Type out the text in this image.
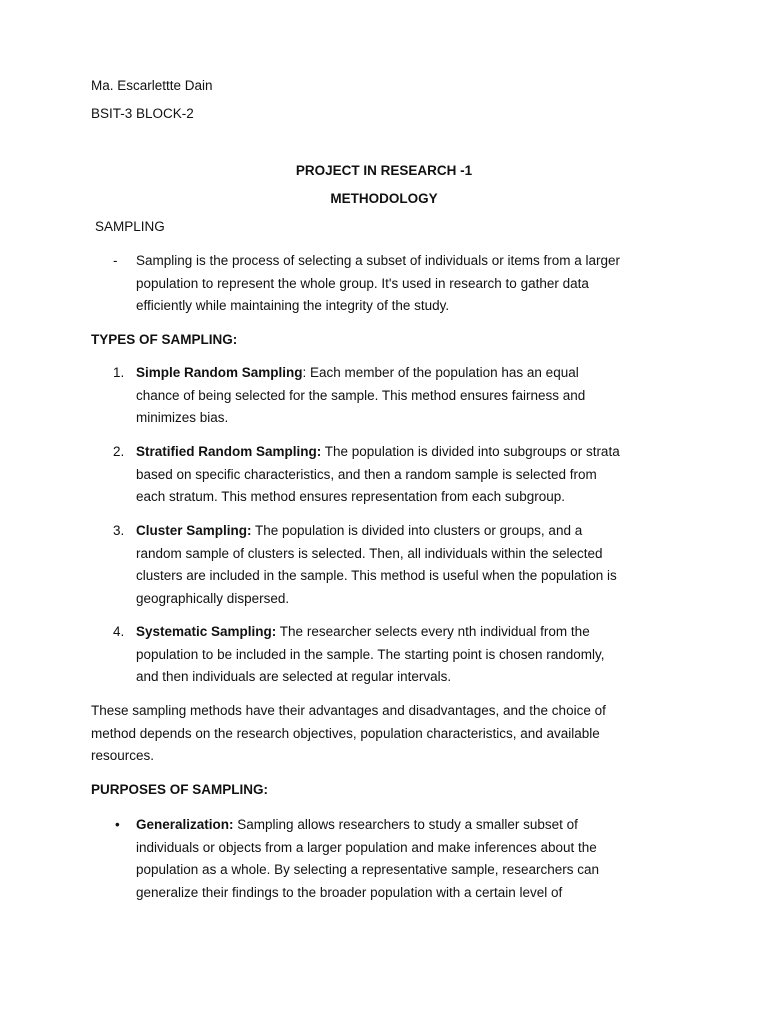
Ma. Escarlettte Dain
BSIT-3 BLOCK-2
PROJECT IN RESEARCH -1
METHODOLOGY
SAMPLING
- Sampling is the process of selecting a subset of individuals or items from a larger

population to represent the whole group. It's used in research to gather data

efficiently while maintaining the integrity of the study.

TYPES OF SAMPLING:
1. Simple Random Sampling: Each member of the population has an equal

chance of being selected for the sample. This method ensures fairness and

minimizes bias.

2. Stratified Random Sampling: The population is divided into subgroups or strata

based on specific characteristics, and then a random sample is selected from

each stratum. This method ensures representation from each subgroup.

3. Cluster Sampling: The population is divided into clusters or groups, and a

random sample of clusters is selected. Then, all individuals within the selected

clusters are included in the sample. This method is useful when the population is

geographically dispersed.

4. Systematic Sampling: The researcher selects every nth individual from the

population to be included in the sample. The starting point is chosen randomly,

and then individuals are selected at regular intervals.

These sampling methods have their advantages and disadvantages, and the choice of

method depends on the research objectives, population characteristics, and available

resources.

PURPOSES OF SAMPLING:
• Generalization: Sampling allows researchers to study a smaller subset of

individuals or objects from a larger population and make inferences about the

population as a whole. By selecting a representative sample, researchers can

generalize their findings to the broader population with a certain level of
